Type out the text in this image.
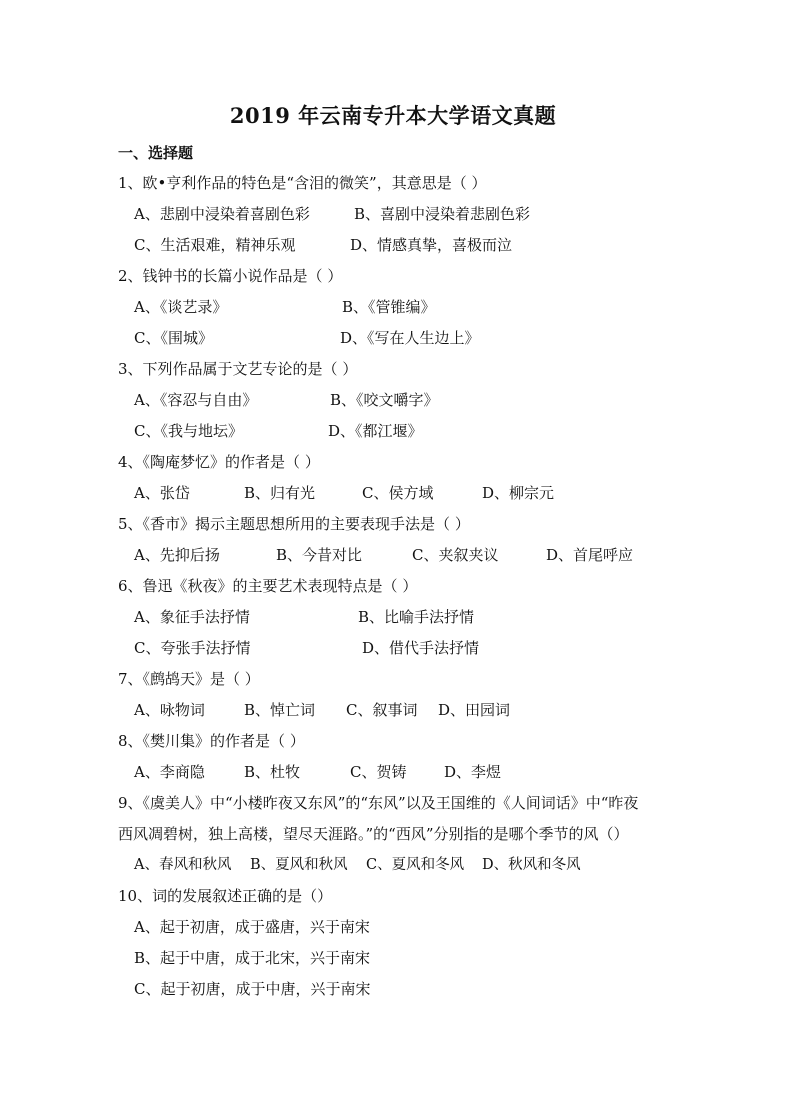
2019 年云南专升本大学语文真题
一、选择题
1、欧•亨利作品的特色是“含泪的微笑”，其意思是（ ）
A、悲剧中浸染着喜剧色彩	B、喜剧中浸染着悲剧色彩
C、生活艰难，精神乐观	D、情感真挚，喜极而泣
2、钱钟书的长篇小说作品是（ ）
A、《谈艺录》	B、《管锥编》
C、《围城》	D、《写在人生边上》
3、下列作品属于文艺专论的是（ ）
A、《容忍与自由》	B、《咬文嚼字》
C、《我与地坛》	D、《都江堰》
4、《陶庵梦忆》的作者是（ ）
A、张岱	B、归有光	C、侯方域	D、柳宗元
5、《香市》揭示主题思想所用的主要表现手法是（ ）
A、先抑后扬	B、今昔对比	C、夹叙夹议	D、首尾呼应
6、鲁迅《秋夜》的主要艺术表现特点是（ ）
A、象征手法抒情	B、比喻手法抒情
C、夸张手法抒情	D、借代手法抒情
7、《鹧鸪天》是（ ）
A、咏物词	B、悼亡词 C、叙事词 D、田园词
8、《樊川集》的作者是（ ）
A、李商隐	B、杜牧	C、贺铸	D、李煜
9、《虞美人》中“小楼昨夜又东风”的“东风”以及王国维的《人间词话》中“昨夜
西风凋碧树，独上高楼，望尽天涯路。”的“西风”分别指的是哪个季节的风（）
A、春风和秋风 B、夏风和秋风 C、夏风和冬风 D、秋风和冬风
10、词的发展叙述正确的是（）
A、起于初唐，成于盛唐，兴于南宋
B、起于中唐，成于北宋，兴于南宋
C、起于初唐，成于中唐，兴于南宋
